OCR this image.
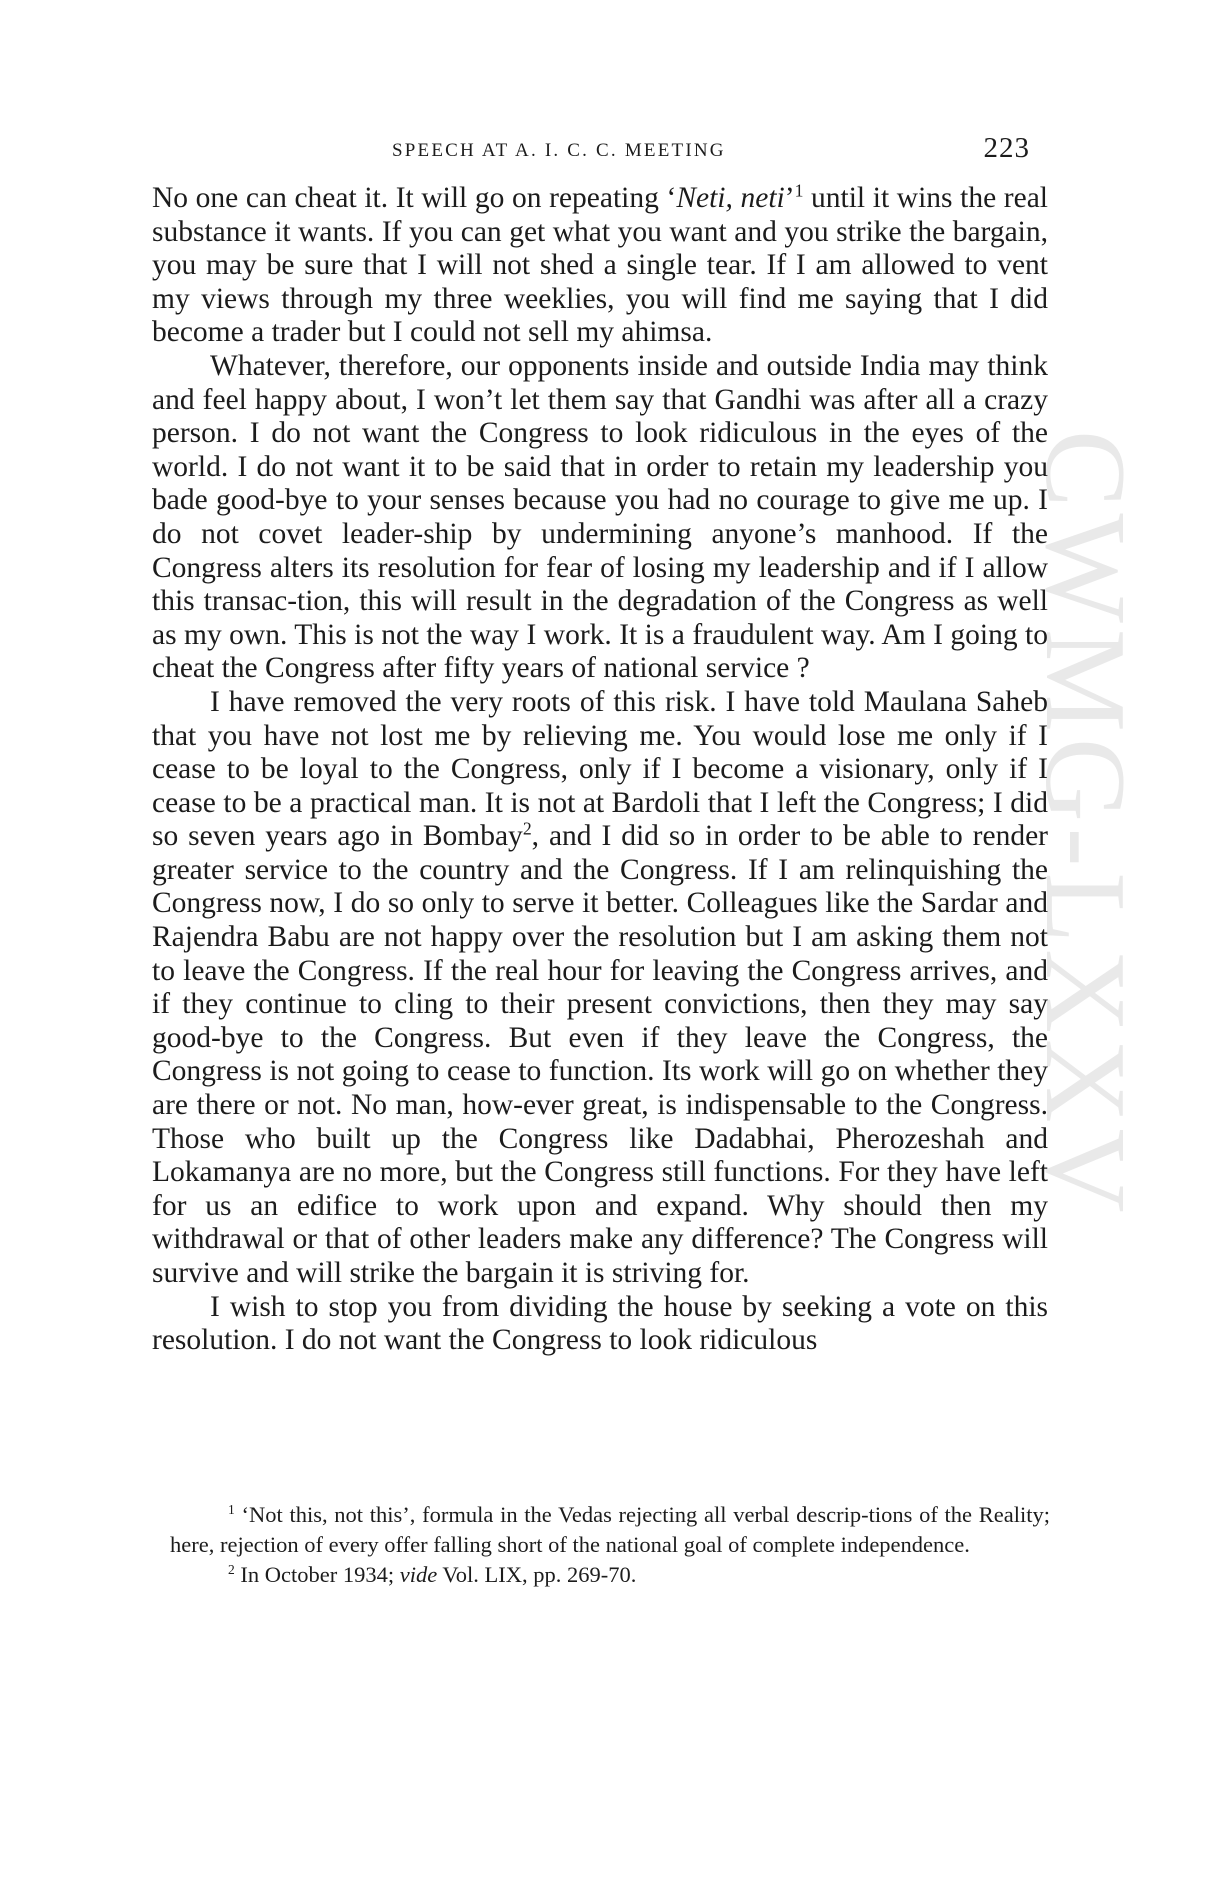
CWMG-LXXV
SPEECH AT A. I. C. C. MEETING	223

No one can cheat it. It will go on repeating ‘Neti, neti’$^1$ until it wins the real substance it wants. If you can get what you want and you strike the bargain, you may be sure that I will not shed a single tear. If I am allowed to vent my views through my three weeklies, you will find me saying that I did become a trader but I could not sell my ahimsa.

Whatever, therefore, our opponents inside and outside India may think and feel happy about, I won’t let them say that Gandhi was after all a crazy person. I do not want the Congress to look ridiculous in the eyes of the world. I do not want it to be said that in order to retain my leadership you bade good-bye to your senses because you had no courage to give me up. I do not covet leader-ship by undermining anyone’s manhood. If the Congress alters its resolution for fear of losing my leadership and if I allow this transac-tion, this will result in the degradation of the Congress as well as my own. This is not the way I work. It is a fraudulent way. Am I going to cheat the Congress after fifty years of national service ?

I have removed the very roots of this risk. I have told Maulana Saheb that you have not lost me by relieving me. You would lose me only if I cease to be loyal to the Congress, only if I become a visionary, only if I cease to be a practical man. It is not at Bardoli that I left the Congress; I did so seven years ago in Bombay$^2$, and I did so in order to be able to render greater service to the country and the Congress. If I am relinquishing the Congress now, I do so only to serve it better. Colleagues like the Sardar and Rajendra Babu are not happy over the resolution but I am asking them not to leave the Congress. If the real hour for leaving the Congress arrives, and if they continue to cling to their present convictions, then they may say good-bye to the Congress. But even if they leave the Congress, the Congress is not going to cease to function. Its work will go on whether they are there or not. No man, how-ever great, is indispensable to the Congress. Those who built up the Congress like Dadabhai, Pherozeshah and Lokamanya are no more, but the Congress still functions. For they have left for us an edifice to work upon and expand. Why should then my withdrawal or that of other leaders make any difference? The Congress will survive and will strike the bargain it is striving for.

I wish to stop you from dividing the house by seeking a vote on this resolution. I do not want the Congress to look ridiculous

$^1$ ‘Not this, not this’, formula in the Vedas rejecting all verbal descrip-tions of the Reality; here, rejection of every offer falling short of the national goal of complete independence.

$^2$ In October 1934; vide Vol. LIX, pp. 269-70.
